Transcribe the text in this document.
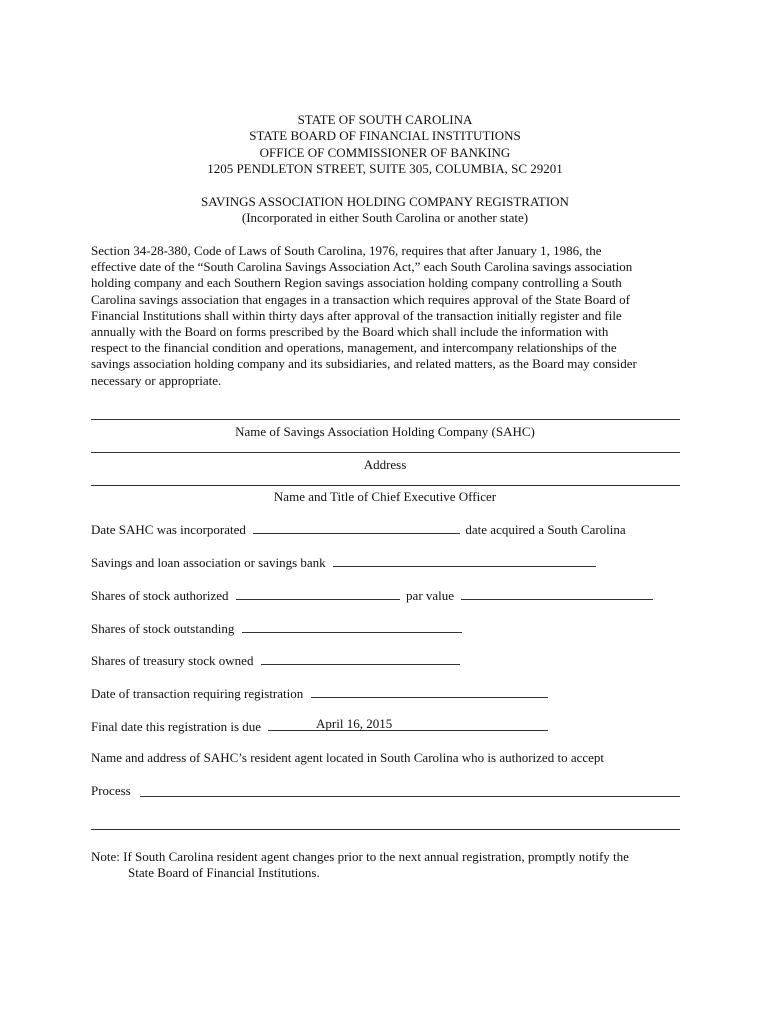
STATE OF SOUTH CAROLINA
STATE BOARD OF FINANCIAL INSTITUTIONS
OFFICE OF COMMISSIONER OF BANKING
1205 PENDLETON STREET, SUITE 305, COLUMBIA, SC 29201
SAVINGS ASSOCIATION HOLDING COMPANY REGISTRATION
(Incorporated in either South Carolina or another state)
Section 34-28-380, Code of Laws of South Carolina, 1976, requires that after January 1, 1986, the
effective date of the “South Carolina Savings Association Act,” each South Carolina savings association
holding company and each Southern Region savings association holding company controlling a South
Carolina savings association that engages in a transaction which requires approval of the State Board of
Financial Institutions shall within thirty days after approval of the transaction initially register and file
annually with the Board on forms prescribed by the Board which shall include the information with
respect to the financial condition and operations, management, and intercompany relationships of the
savings association holding company and its subsidiaries, and related matters, as the Board may consider
necessary or appropriate.
Name of Savings Association Holding Company (SAHC)
Address
Name and Title of Chief Executive Officer
Date SAHC was incorporated	date acquired a South Carolina
Savings and loan association or savings bank
Shares of stock authorized	par value
Shares of stock outstanding
Shares of treasury stock owned
Date of transaction requiring registration
Final date this registration is due	April 16, 2015
Name and address of SAHC’s resident agent located in South Carolina who is authorized to accept
Process
Note: If South Carolina resident agent changes prior to the next annual registration, promptly notify the
State Board of Financial Institutions.
